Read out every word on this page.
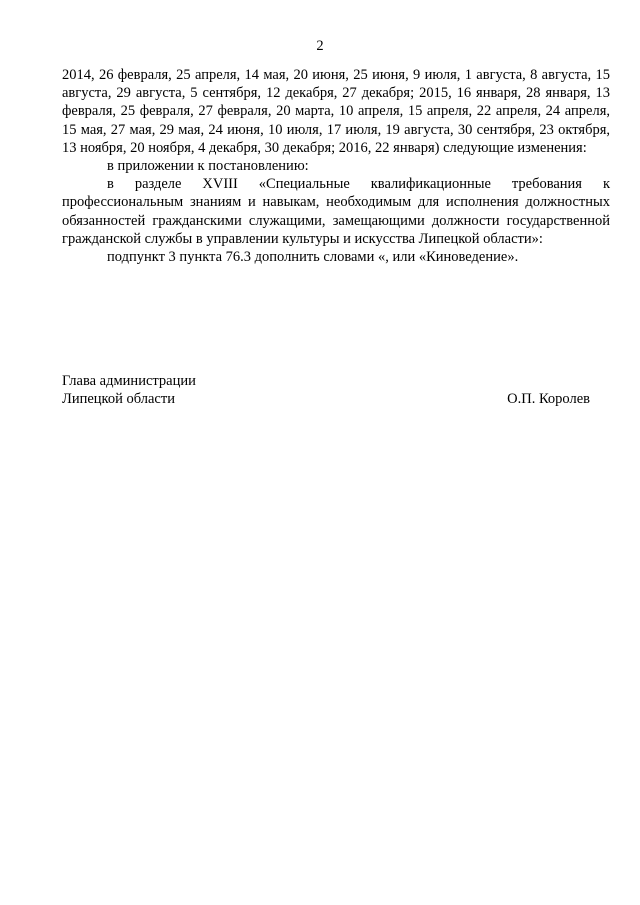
2

2014, 26 февраля, 25 апреля, 14 мая, 20 июня, 25 июня, 9 июля, 1 августа, 8 августа, 15 августа, 29 августа, 5 сентября, 12 декабря, 27 декабря; 2015, 16 января, 28 января, 13 февраля, 25 февраля, 27 февраля, 20 марта, 10 апреля, 15 апреля, 22 апреля, 24 апреля, 15 мая, 27 мая, 29 мая, 24 июня, 10 июля, 17 июля, 19 августа, 30 сентября, 23 октября, 13 ноября, 20 ноября, 4 декабря, 30 декабря; 2016, 22 января) следующие изменения:

в приложении к постановлению:

в разделе XVIII «Специальные квалификационные требования к профессиональным знаниям и навыкам, необходимым для исполнения должностных обязанностей гражданскими служащими, замещающими должности государственной гражданской службы в управлении культуры и искусства Липецкой области»:

подпункт 3 пункта 76.3 дополнить словами «, или «Киноведение».

Глава администрации
Липецкой области	О.П. Королев
